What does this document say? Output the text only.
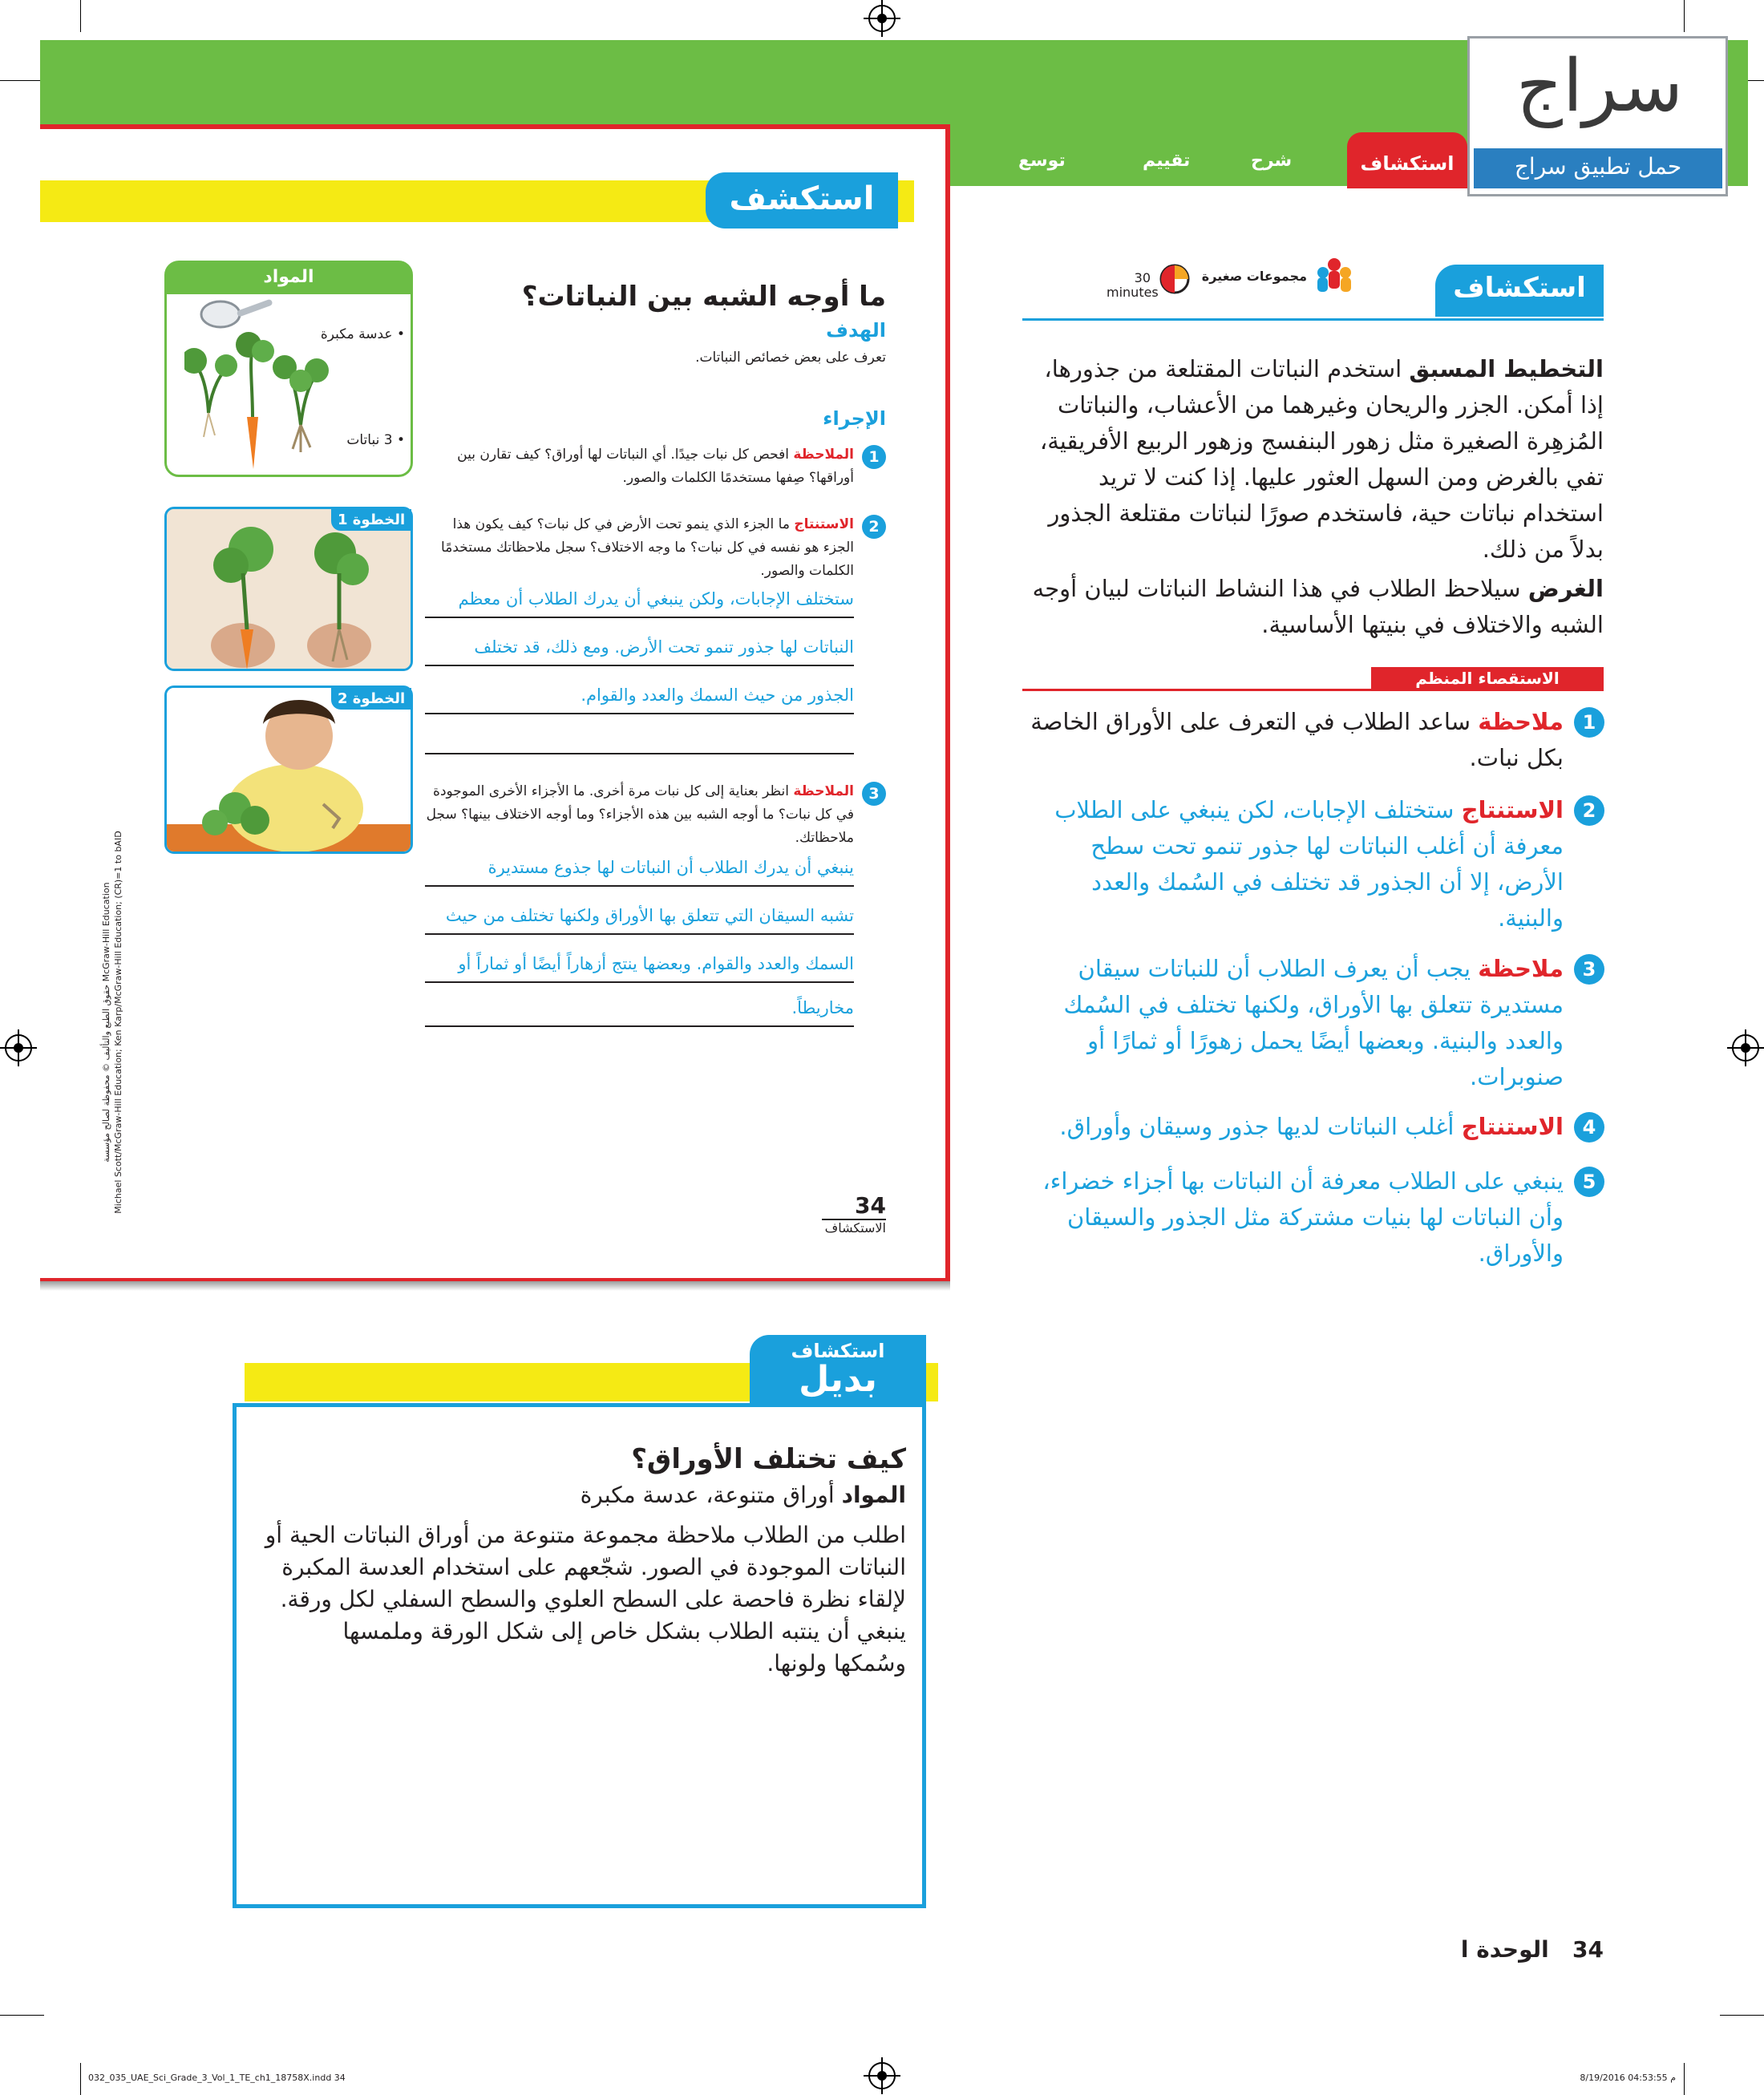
استكشاف
شرح
تقييم
توسع
سراج
حمل تطبيق سراج
استكشف
المواد
• عدسة مكبرة
• 3 نباتات
الخطوة 1
الخطوة 2
ما أوجه الشبه بين النباتات؟
الهدف
تعرف على بعض خصائص النباتات.
الإجراء
1
الملاحظة افحص كل نبات جيدًا. أي النباتات لها أوراق؟ كيف تقارن بين أوراقها؟ صِفها مستخدمًا الكلمات والصور.
2
الاستنتاج ما الجزء الذي ينمو تحت الأرض في كل نبات؟ كيف يكون هذا الجزء هو نفسه في كل نبات؟ ما وجه الاختلاف؟ سجل ملاحظاتك مستخدمًا الكلمات والصور.
ستختلف الإجابات، ولكن ينبغي أن يدرك الطلاب أن معظم
النباتات لها جذور تنمو تحت الأرض. ومع ذلك، قد تختلف
الجذور من حيث السمك والعدد والقوام.
3
الملاحظة انظر بعناية إلى كل نبات مرة أخرى. ما الأجزاء الأخرى الموجودة في كل نبات؟ ما أوجه الشبه بين هذه الأجزاء؟ وما أوجه الاختلاف بينها؟ سجل ملاحظاتك.
ينبغي أن يدرك الطلاب أن النباتات لها جذوع مستديرة
تشبه السيقان التي تتعلق بها الأوراق ولكنها تختلف من حيث
السمك والعدد والقوام. وبعضها ينتج أزهاراً أيضًا أو ثماراً أو
مخاريطاً.
حقوق الطبع والتأليف © محفوظة لصالح مؤسسة McGraw-Hill Education Michael Scott/McGraw-Hill Education; Ken Karp/McGraw-Hill Education; (CR)=1 to bAID	34
الاستكشاف
استكشاف
مجموعات صغيرة
30
minutes
التخطيط المسبق استخدم النباتات المقتلعة من جذورها، إذا أمكن. الجزر والريحان وغيرهما من الأعشاب، والنباتات المُزهِرة الصغيرة مثل زهور البنفسج وزهور الربيع الأفريقية، تفي بالغرض ومن السهل العثور عليها. إذا كنت لا تريد استخدام نباتات حية، فاستخدم صورًا لنباتات مقتلعة الجذور بدلاً من ذلك.
الغرض سيلاحظ الطلاب في هذا النشاط النباتات لبيان أوجه الشبه والاختلاف في بنيتها الأساسية.
الاستقصاء المنظم
1
ملاحظة ساعد الطلاب في التعرف على الأوراق الخاصة بكل نبات.
2
الاستنتاج ستختلف الإجابات، لكن ينبغي على الطلاب معرفة أن أغلب النباتات لها جذور تنمو تحت سطح الأرض، إلا أن الجذور قد تختلف في السُمك والعدد والبنية.
3
ملاحظة يجب أن يعرف الطلاب أن للنباتات سيقان مستديرة تتعلق بها الأوراق، ولكنها تختلف في السُمك والعدد والبنية. وبعضها أيضًا يحمل زهورًا أو ثمارًا أو صنوبرات.
4
الاستنتاج أغلب النباتات لديها جذور وسيقان وأوراق.
5
ينبغي على الطلاب معرفة أن النباتات بها أجزاء خضراء، وأن النباتات لها بنيات مشتركة مثل الجذور والسيقان والأوراق.
استكشاف
بديل
كيف تختلف الأوراق؟
المواد أوراق متنوعة، عدسة مكبرة
اطلب من الطلاب ملاحظة مجموعة متنوعة من أوراق النباتات الحية أو النباتات الموجودة في الصور. شجّعهم على استخدام العدسة المكبرة لإلقاء نظرة فاحصة على السطح العلوي والسطح السفلي لكل ورقة. ينبغي أن ينتبه الطلاب بشكل خاص إلى شكل الورقة وملمسها وسُمكها ولونها.
34   الوحدة ا
032_035_UAE_Sci_Grade_3_Vol_1_TE_ch1_18758X.indd 34	8/19/2016 04:53:55 م
